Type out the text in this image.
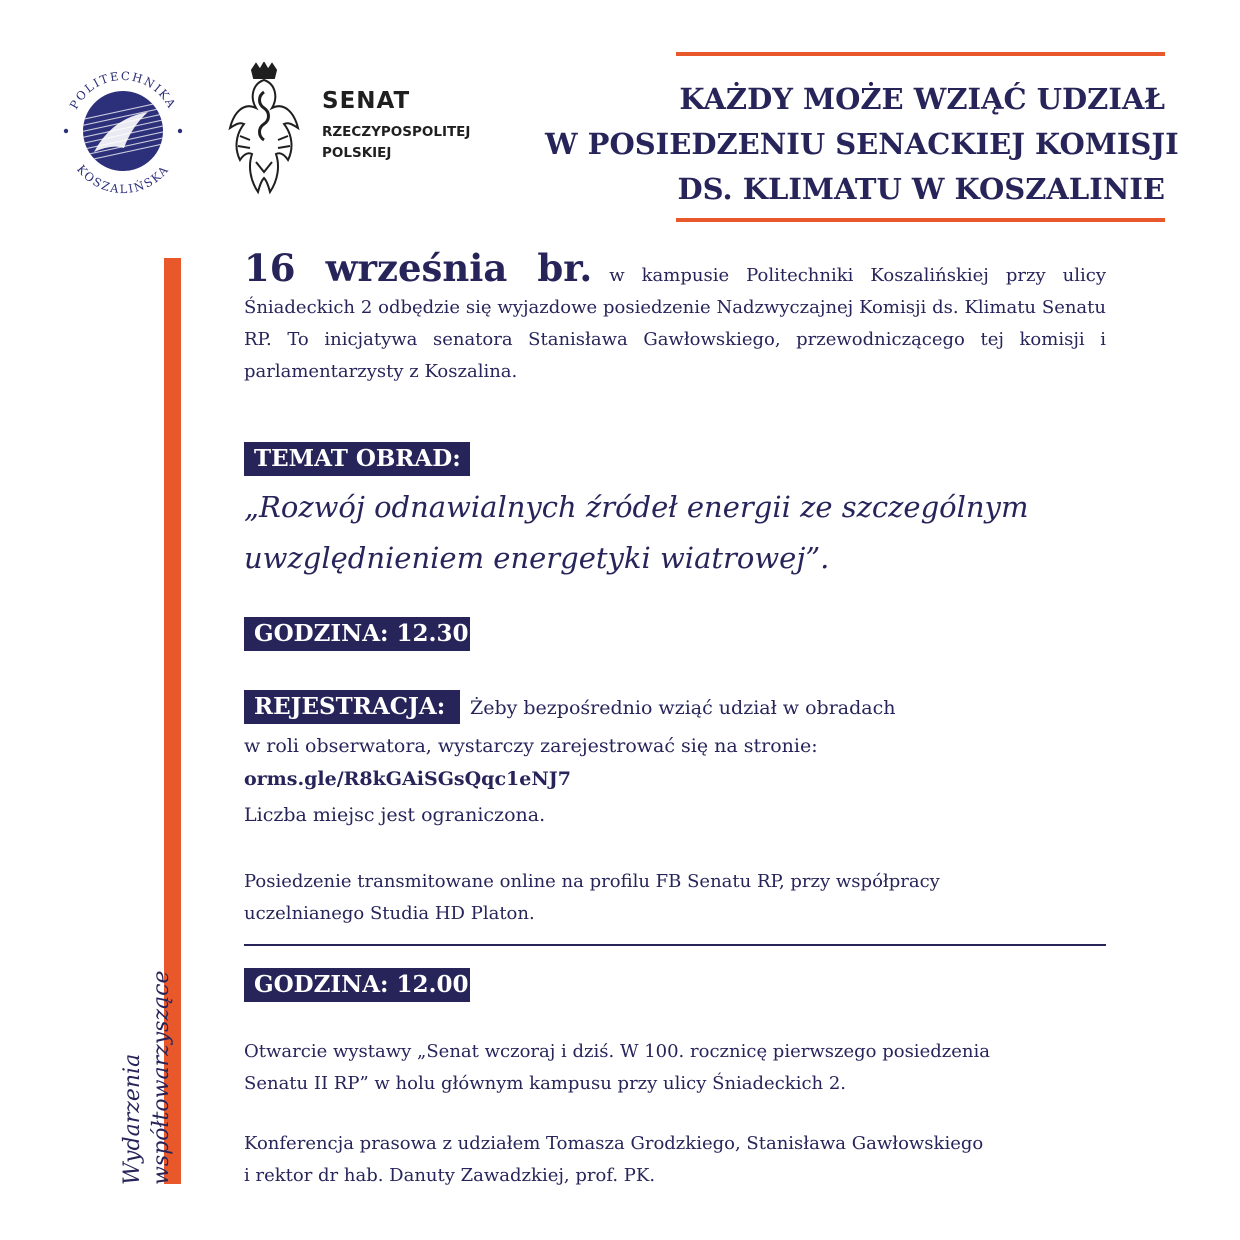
POLITECHNIKA
KOSZALIŃSKA
SENAT
RZECZYPOSPOLITEJ
POLSKIEJ
KAŻDY MOŻE WZIĄĆ UDZIAŁ
W POSIEDZENIU SENACKIEJ KOMISJI
DS. KLIMATU W KOSZALINIE
Wydarzenia współtowarzyszące
16 września br. w kampusie Politechniki Koszalińskiej przy ulicy Śniadeckich 2 odbędzie się wyjazdowe posiedzenie Nadzwyczajnej Komisji ds. Klimatu Senatu RP. To inicjatywa senatora Stanisława Gawłowskiego, przewodniczącego tej komisji i parlamentarzysty z Koszalina.
TEMAT OBRAD:
„Rozwój odnawialnych źródeł energii ze szczególnym
uwzględnieniem energetyki wiatrowej”.
GODZINA: 12.30
REJESTRACJA:	Żeby bezpośrednio wziąć udział w obradach
w roli obserwatora, wystarczy zarejestrować się na stronie:
orms.gle/R8kGAiSGsQqc1eNJ7
Liczba miejsc jest ograniczona.
Posiedzenie transmitowane online na profilu FB Senatu RP, przy współpracy
uczelnianego Studia HD Platon.
GODZINA: 12.00
Otwarcie wystawy „Senat wczoraj i dziś. W 100. rocznicę pierwszego posiedzenia
Senatu II RP” w holu głównym kampusu przy ulicy Śniadeckich 2.
Konferencja prasowa z udziałem Tomasza Grodzkiego, Stanisława Gawłowskiego
i rektor dr hab. Danuty Zawadzkiej, prof. PK.
